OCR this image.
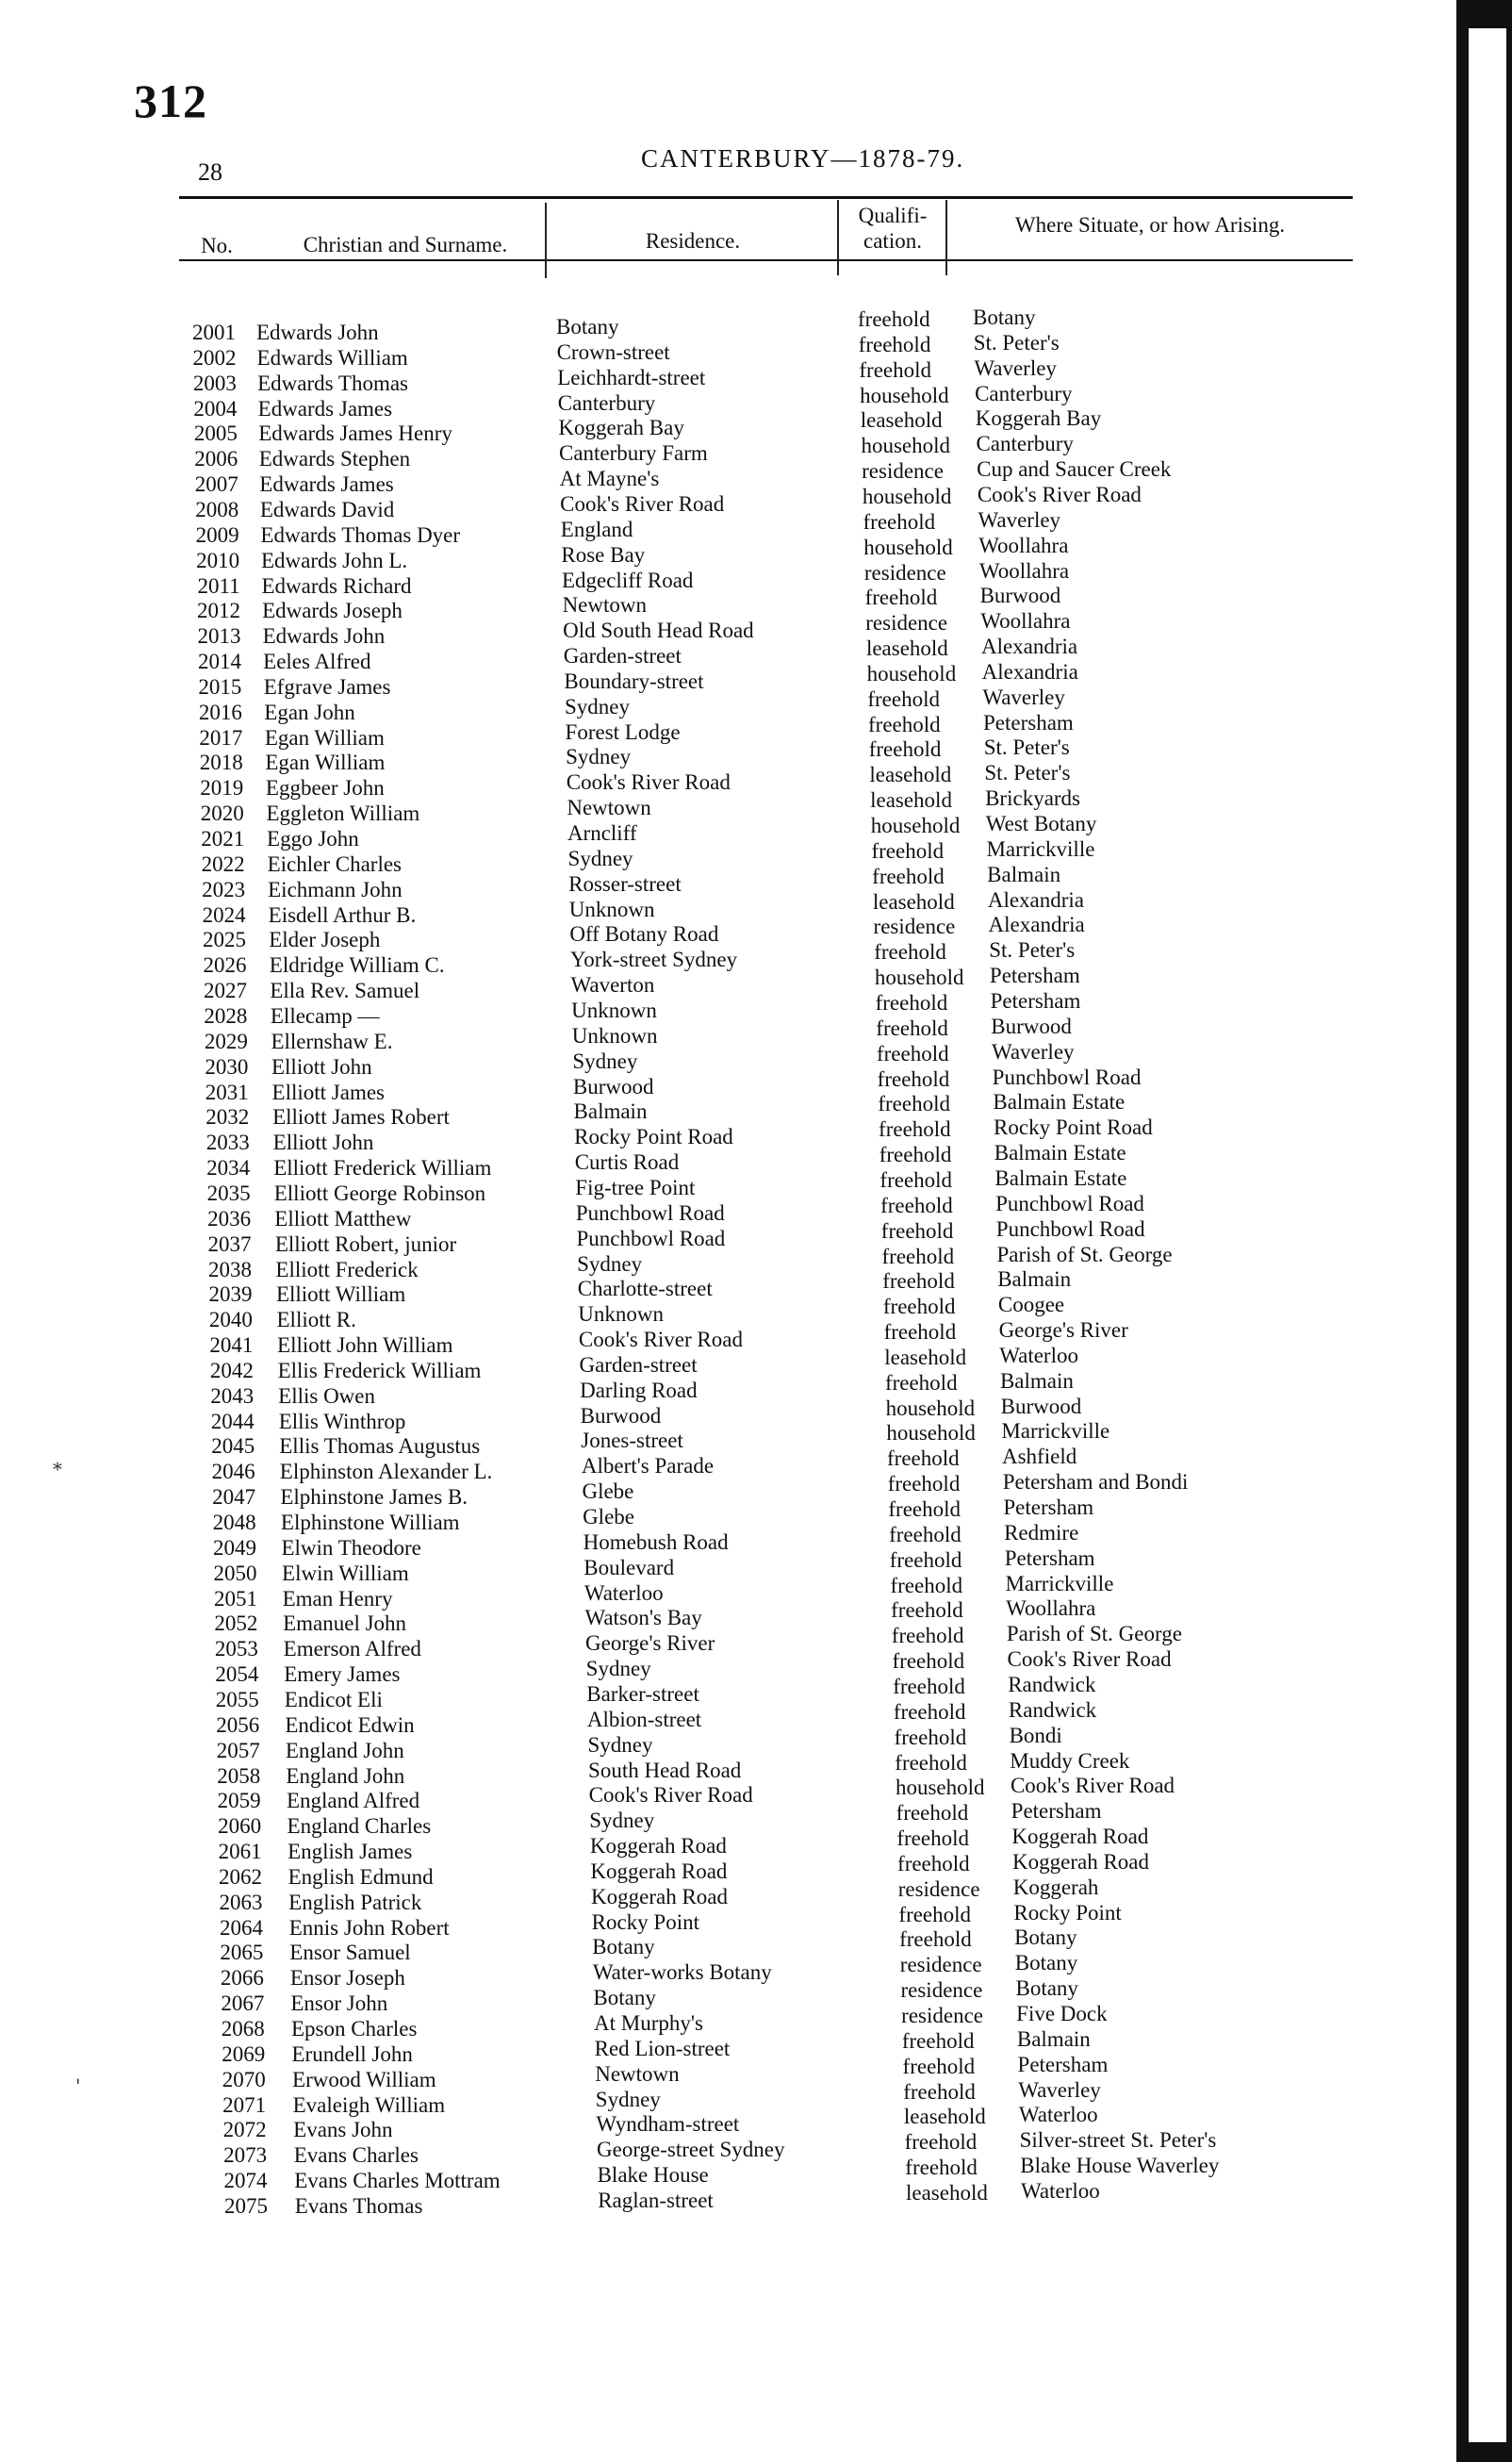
312
28	CANTERBURY—1878-79.
No.	Christian and Surname.	Residence.
Qualifi-
cation.
Where Situate, or how Arising.
2001 Edwards John	Botany	freehold Botany
2002 Edwards William	Crown-street	freehold St. Peter's
2003 Edwards Thomas	Leichhardt-street	freehold Waverley
2004 Edwards James	Canterbury	household Canterbury
2005 Edwards James Henry	Koggerah Bay	leasehold Koggerah Bay
2006 Edwards Stephen	Canterbury Farm	household Canterbury
2007 Edwards James	At Mayne's	residence Cup and Saucer Creek
2008 Edwards David	Cook's River Road	household Cook's River Road
2009 Edwards Thomas Dyer	England	freehold Waverley
2010 Edwards John L.	Rose Bay	household Woollahra
2011 Edwards Richard	Edgecliff Road	residence Woollahra
2012 Edwards Joseph	Newtown	freehold Burwood
2013 Edwards John	Old South Head Road	residence Woollahra
2014 Eeles Alfred	Garden-street	leasehold Alexandria
2015 Efgrave James	Boundary-street	household Alexandria
2016 Egan John	Sydney	freehold Waverley
2017 Egan William	Forest Lodge	freehold Petersham
2018 Egan William	Sydney	freehold St. Peter's
2019 Eggbeer John	Cook's River Road	leasehold St. Peter's
2020 Eggleton William	Newtown	leasehold Brickyards
2021 Eggo John	Arncliff	household West Botany
2022 Eichler Charles	Sydney	freehold Marrickville
2023 Eichmann John	Rosser-street	freehold Balmain
2024 Eisdell Arthur B.	Unknown	leasehold Alexandria
2025 Elder Joseph	Off Botany Road	residence Alexandria
2026 Eldridge William C.	York-street Sydney	freehold St. Peter's
2027 Ella Rev. Samuel	Waverton	household Petersham
2028 Ellecamp —	Unknown	freehold Petersham
2029 Ellernshaw E.	Unknown	freehold Burwood
2030 Elliott John	Sydney	freehold Waverley
2031 Elliott James	Burwood	freehold Punchbowl Road
2032 Elliott James Robert	Balmain	freehold Balmain Estate
2033 Elliott John	Rocky Point Road	freehold Rocky Point Road
2034 Elliott Frederick William	Curtis Road	freehold Balmain Estate
2035 Elliott George Robinson	Fig-tree Point	freehold Balmain Estate
2036 Elliott Matthew	Punchbowl Road	freehold Punchbowl Road
2037 Elliott Robert, junior	Punchbowl Road	freehold Punchbowl Road
2038 Elliott Frederick	Sydney	freehold Parish of St. George
2039 Elliott William	Charlotte-street	freehold Balmain
2040 Elliott R.	Unknown	freehold Coogee
2041 Elliott John William	Cook's River Road	freehold George's River
2042 Ellis Frederick William	Garden-street	leasehold Waterloo
2043 Ellis Owen	Darling Road	freehold Balmain
2044 Ellis Winthrop	Burwood	household Burwood
2045 Ellis Thomas Augustus	Jones-street	household Marrickville
2046 Elphinston Alexander L.	Albert's Parade	freehold Ashfield
2047 Elphinstone James B.	Glebe	freehold Petersham and Bondi
2048 Elphinstone William	Glebe	freehold Petersham
2049 Elwin Theodore	Homebush Road	freehold Redmire
2050 Elwin William	Boulevard	freehold Petersham
2051 Eman Henry	Waterloo	freehold Marrickville
2052 Emanuel John	Watson's Bay	freehold Woollahra
2053 Emerson Alfred	George's River	freehold Parish of St. George
2054 Emery James	Sydney	freehold Cook's River Road
2055 Endicot Eli	Barker-street	freehold Randwick
2056 Endicot Edwin	Albion-street	freehold Randwick
2057 England John	Sydney	freehold Bondi
2058 England John	South Head Road	freehold Muddy Creek
2059 England Alfred	Cook's River Road	household Cook's River Road
2060 England Charles	Sydney	freehold Petersham
2061 English James	Koggerah Road	freehold Koggerah Road
2062 English Edmund	Koggerah Road	freehold Koggerah Road
2063 English Patrick	Koggerah Road	residence Koggerah
2064 Ennis John Robert	Rocky Point	freehold Rocky Point
2065 Ensor Samuel	Botany	freehold Botany
2066 Ensor Joseph	Water-works Botany	residence Botany
2067 Ensor John	Botany	residence Botany
2068 Epson Charles	At Murphy's	residence Five Dock
2069 Erundell John	Red Lion-street	freehold Balmain
2070 Erwood William	Newtown	freehold Petersham
2071 Evaleigh William	Sydney	freehold Waverley
2072 Evans John	Wyndham-street	leasehold Waterloo
2073 Evans Charles	George-street Sydney	freehold Silver-street St. Peter's
2074 Evans Charles Mottram	Blake House	freehold Blake House Waverley
2075 Evans Thomas	Raglan-street	leasehold Waterloo
⁎
'
